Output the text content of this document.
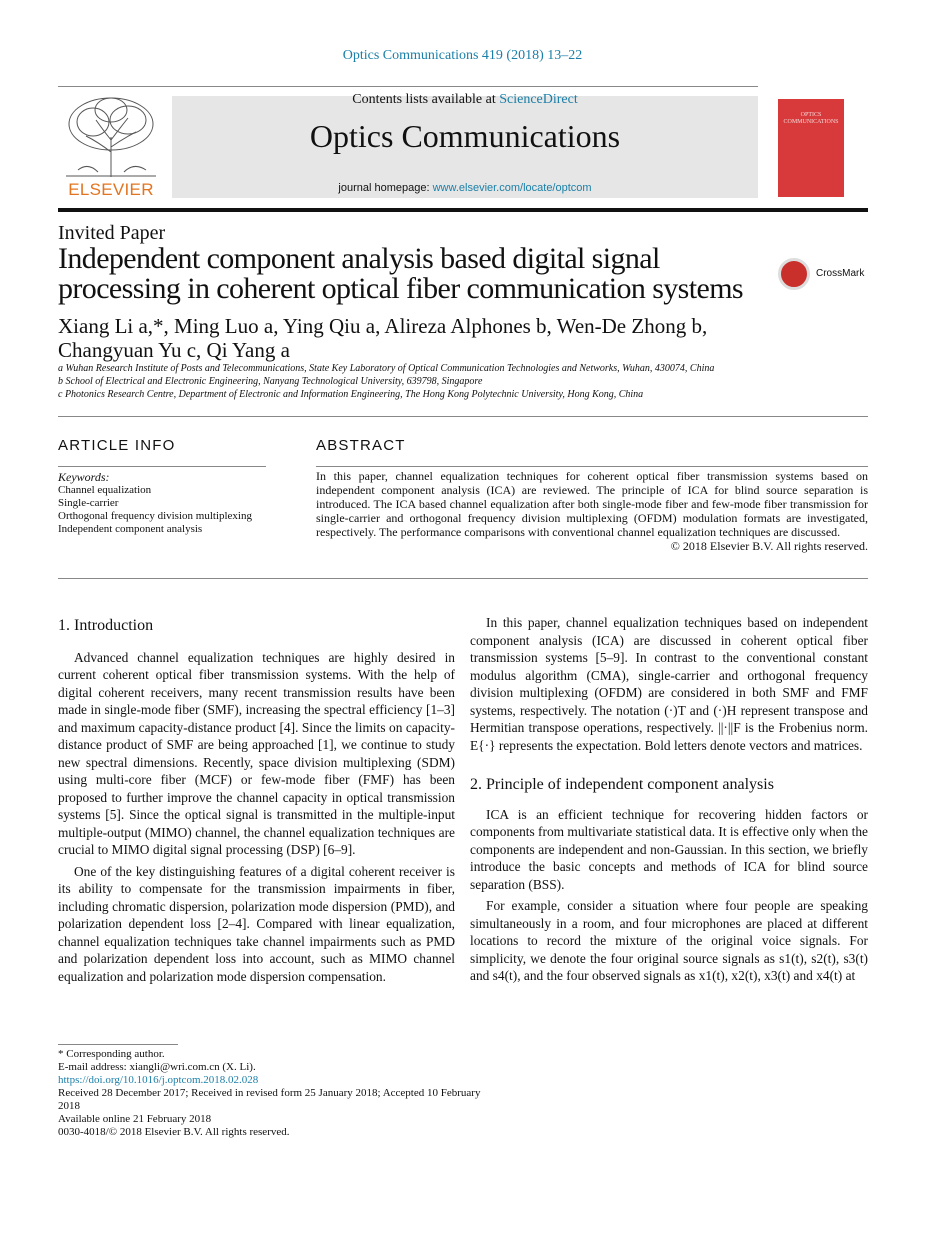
Optics Communications 419 (2018) 13–22
ELSEVIER
Contents lists available at ScienceDirect
Optics Communications
journal homepage: www.elsevier.com/locate/optcom
OPTICS COMMUNICATIONS
Invited Paper
Independent component analysis based digital signal processing in coherent optical fiber communication systems	CrossMark
Xiang Li a,*, Ming Luo a, Ying Qiu a, Alireza Alphones b, Wen-De Zhong b, Changyuan Yu c, Qi Yang a
a Wuhan Research Institute of Posts and Telecommunications, State Key Laboratory of Optical Communication Technologies and Networks, Wuhan, 430074, China
b School of Electrical and Electronic Engineering, Nanyang Technological University, 639798, Singapore
c Photonics Research Centre, Department of Electronic and Information Engineering, The Hong Kong Polytechnic University, Hong Kong, China
ARTICLE INFO	ABSTRACT
Keywords:
Channel equalization
Single-carrier
Orthogonal frequency division multiplexing
Independent component analysis
In this paper, channel equalization techniques for coherent optical fiber transmission systems based on independent component analysis (ICA) are reviewed. The principle of ICA for blind source separation is introduced. The ICA based channel equalization after both single-mode fiber and few-mode fiber transmission for single-carrier and orthogonal frequency division multiplexing (OFDM) modulation formats are investigated, respectively. The performance comparisons with conventional channel equalization techniques are discussed.
© 2018 Elsevier B.V. All rights reserved.
1. Introduction

Advanced channel equalization techniques are highly desired in current coherent optical fiber transmission systems. With the help of digital coherent receivers, many recent transmission results have been made in single-mode fiber (SMF), increasing the spectral efficiency [1–3] and maximum capacity-distance product [4]. Since the limits on capacity-distance product of SMF are being approached [1], we continue to study new spectral dimensions. Recently, space division multiplexing (SDM) using multi-core fiber (MCF) or few-mode fiber (FMF) has been proposed to further improve the channel capacity in optical transmission systems [5]. Since the optical signal is transmitted in the multiple-input multiple-output (MIMO) channel, the channel equalization techniques are crucial to MIMO digital signal processing (DSP) [6–9].

One of the key distinguishing features of a digital coherent receiver is its ability to compensate for the transmission impairments in fiber, including chromatic dispersion, polarization mode dispersion (PMD), and polarization dependent loss [2–4]. Compared with linear equalization, channel equalization techniques take channel impairments such as PMD and polarization dependent loss into account, such as MIMO channel equalization and polarization mode dispersion compensation.

In this paper, channel equalization techniques based on independent component analysis (ICA) are discussed in coherent optical fiber transmission systems [5–9]. In contrast to the conventional constant modulus algorithm (CMA), single-carrier and orthogonal frequency division multiplexing (OFDM) are considered in both SMF and FMF systems, respectively. The notation (·)T and (·)H represent transpose and Hermitian transpose operations, respectively. ||·||F is the Frobenius norm. E{·} represents the expectation. Bold letters denote vectors and matrices.

2. Principle of independent component analysis

ICA is an efficient technique for recovering hidden factors or components from multivariate statistical data. It is effective only when the components are independent and non-Gaussian. In this section, we briefly introduce the basic concepts and methods of ICA for blind source separation (BSS).

For example, consider a situation where four people are speaking simultaneously in a room, and four microphones are placed at different locations to record the mixture of the original voice signals. For simplicity, we denote the four original source signals as s1(t), s2(t), s3(t) and s4(t), and the four observed signals as x1(t), x2(t), x3(t) and x4(t) at

* Corresponding author.
E-mail address: xiangli@wri.com.cn (X. Li).
https://doi.org/10.1016/j.optcom.2018.02.028
Received 28 December 2017; Received in revised form 25 January 2018; Accepted 10 February 2018
Available online 21 February 2018
0030-4018/© 2018 Elsevier B.V. All rights reserved.
